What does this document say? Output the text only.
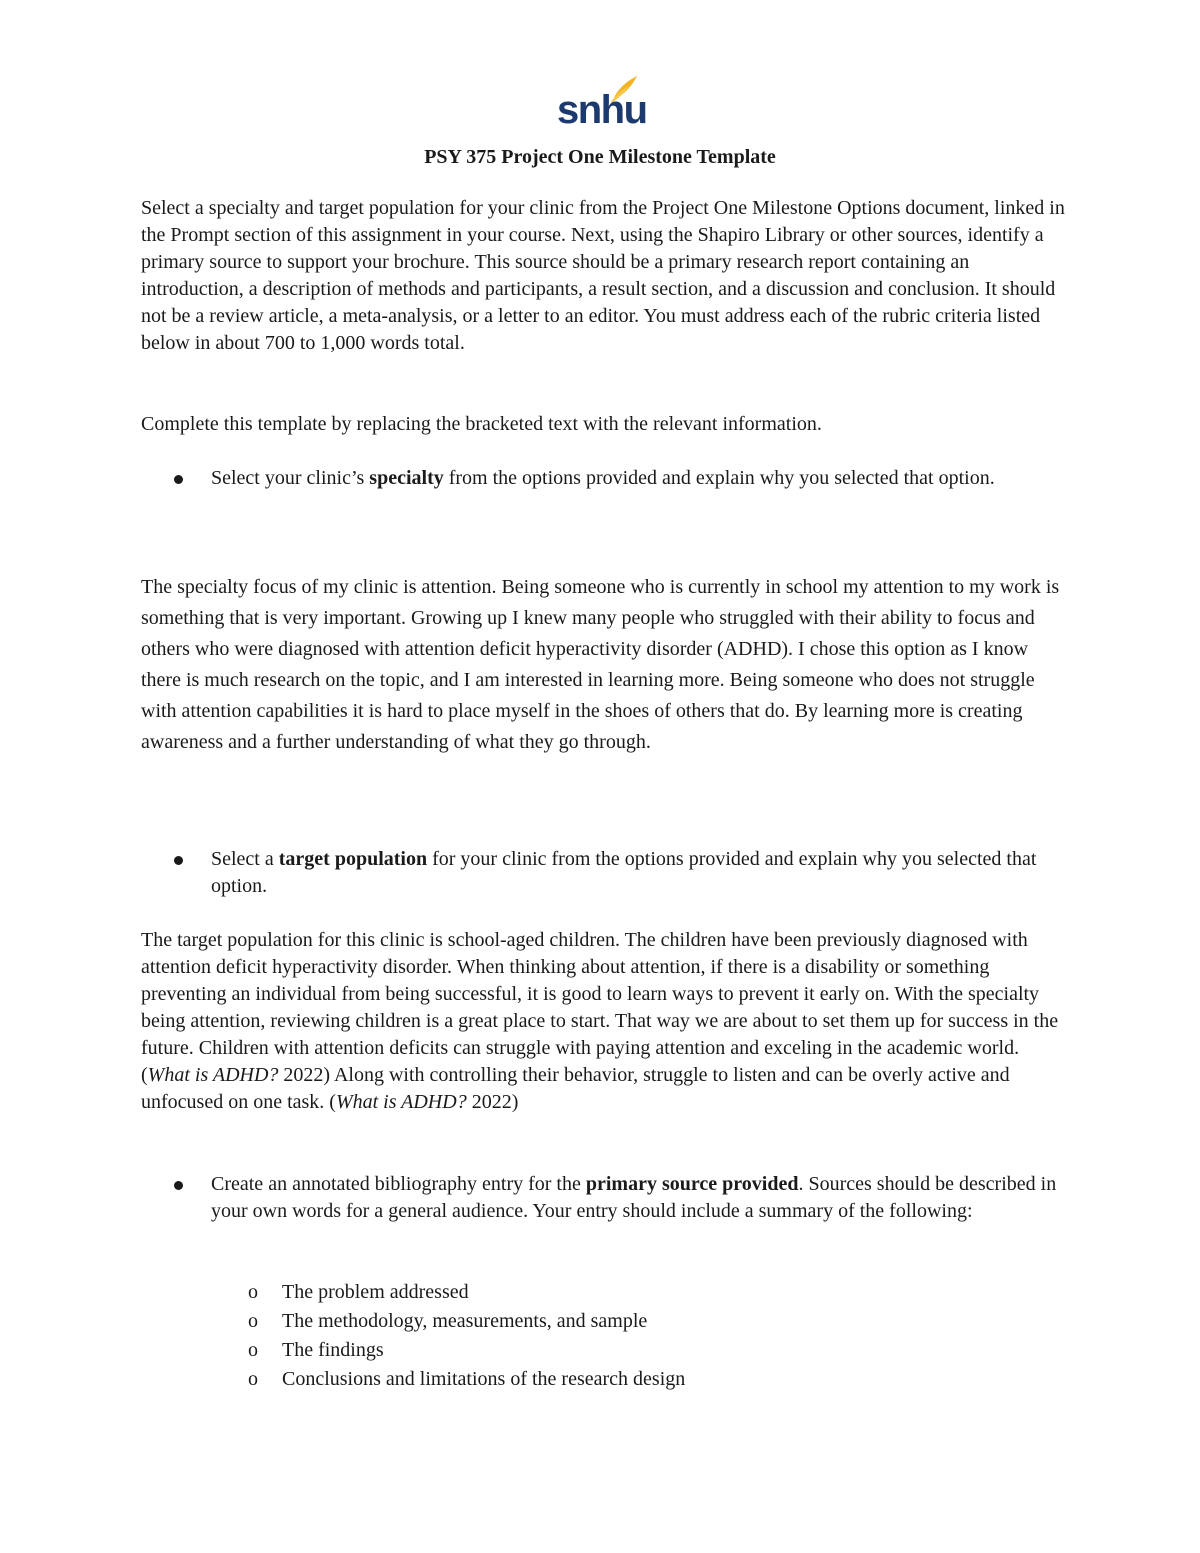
snhu
PSY 375 Project One Milestone Template

Select a specialty and target population for your clinic from the Project One Milestone Options document, linked in the Prompt section of this assignment in your course. Next, using the Shapiro Library or other sources, identify a primary source to support your brochure. This source should be a primary research report containing an introduction, a description of methods and participants, a result section, and a discussion and conclusion. It should not be a review article, a meta-analysis, or a letter to an editor. You must address each of the rubric criteria listed below in about 700 to 1,000 words total.

Complete this template by replacing the bracketed text with the relevant information.

Select your clinic’s specialty from the options provided and explain why you selected that option.

The specialty focus of my clinic is attention. Being someone who is currently in school my attention to my work is something that is very important. Growing up I knew many people who struggled with their ability to focus and others who were diagnosed with attention deficit hyperactivity disorder (ADHD). I chose this option as I know there is much research on the topic, and I am interested in learning more. Being someone who does not struggle with attention capabilities it is hard to place myself in the shoes of others that do. By learning more is creating awareness and a further understanding of what they go through.

Select a target population for your clinic from the options provided and explain why you selected that option.

The target population for this clinic is school-aged children. The children have been previously diagnosed with attention deficit hyperactivity disorder. When thinking about attention, if there is a disability or something preventing an individual from being successful, it is good to learn ways to prevent it early on. With the specialty being attention, reviewing children is a great place to start. That way we are about to set them up for success in the future. Children with attention deficits can struggle with paying attention and exceling in the academic world. (What is ADHD? 2022) Along with controlling their behavior, struggle to listen and can be overly active and unfocused on one task. (What is ADHD? 2022)

Create an annotated bibliography entry for the primary source provided. Sources should be described in your own words for a general audience. Your entry should include a summary of the following:
o The problem addressed
o The methodology, measurements, and sample
o The findings
o Conclusions and limitations of the research design
